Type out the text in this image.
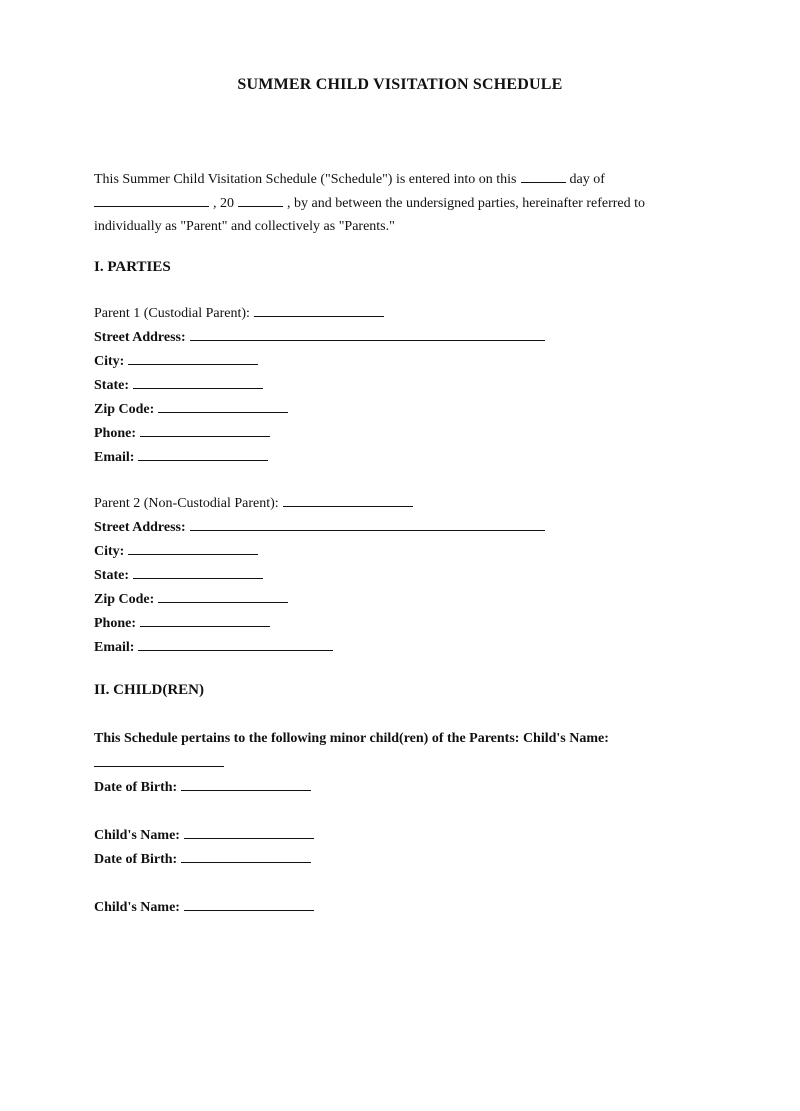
SUMMER CHILD VISITATION SCHEDULE
This Summer Child Visitation Schedule ("Schedule") is entered into on this	day of
, 20	, by and between the undersigned parties, hereinafter referred to
individually as "Parent" and collectively as "Parents."
I. PARTIES
Parent 1 (Custodial Parent):
Street Address:
City:
State:
Zip Code:
Phone:
Email:
Parent 2 (Non-Custodial Parent):
Street Address:
City:
State:
Zip Code:
Phone:
Email:
II. CHILD(REN)
This Schedule pertains to the following minor child(ren) of the Parents: Child's Name:
Date of Birth:
Child's Name:
Date of Birth:
Child's Name:
